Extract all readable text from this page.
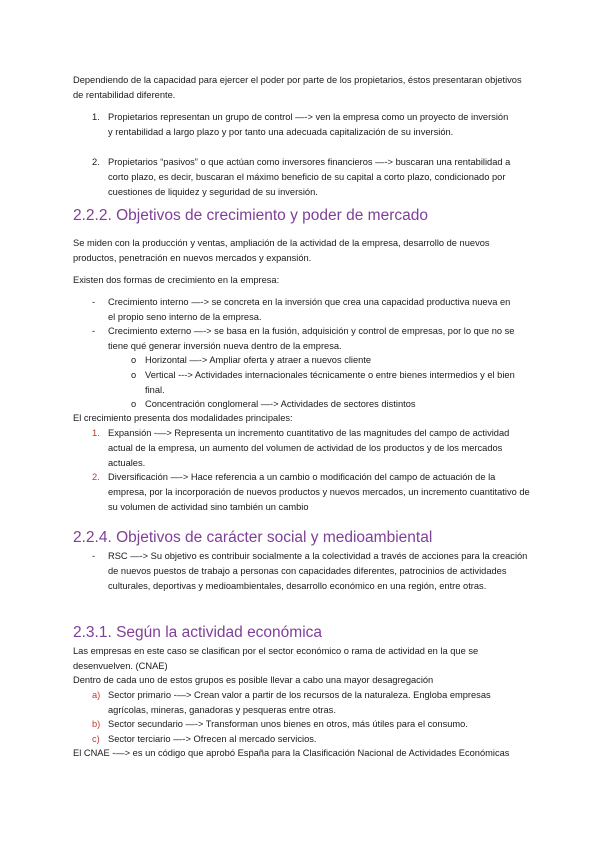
Dependiendo de la capacidad para ejercer el poder por parte de los propietarios, éstos presentaran objetivos de rentabilidad diferente.
1. Propietarios representan un grupo de control —-> ven la empresa como un proyecto de inversión y rentabilidad a largo plazo y por tanto una adecuada capitalización de su inversión.
2. Propietarios “pasivos” o que actúan como inversores financieros —-> buscaran una rentabilidad a corto plazo, es decir, buscaran el máximo beneficio de su capital a corto plazo, condicionado por cuestiones de liquidez y seguridad de su inversión.
2.2.2. Objetivos de crecimiento y poder de mercado
Se miden con la producción y ventas, ampliación de la actividad de la empresa, desarrollo de nuevos productos, penetración en nuevos mercados y expansión.
Existen dos formas de crecimiento en la empresa:
- Crecimiento interno —-> se concreta en la inversión que crea una capacidad productiva nueva en el propio seno interno de la empresa.
- Crecimiento externo —-> se basa en la fusión, adquisición y control de empresas, por lo que no se tiene qué generar inversión nueva dentro de la empresa.
o Horizontal —-> Ampliar oferta y atraer a nuevos cliente
o Vertical ---> Actividades internacionales técnicamente o entre bienes intermedios y el bien final.
o Concentración conglomeral —-> Actividades de sectores distintos
El crecimiento presenta dos modalidades principales:
1. Expansión -—> Representa un incremento cuantitativo de las magnitudes del campo de actividad actual de la empresa, un aumento del volumen de actividad de los productos y de los mercados actuales.
2. Diversificación —-> Hace referencia a un cambio o modificación del campo de actuación de la empresa, por la incorporación de nuevos productos y nuevos mercados, un incremento cuantitativo de su volumen de actividad sino también un cambio
2.2.4. Objetivos de carácter social y medioambiental
- RSC —-> Su objetivo es contribuir socialmente a la colectividad a través de acciones para la creación de nuevos puestos de trabajo a personas con capacidades diferentes, patrocinios de actividades culturales, deportivas y medioambientales, desarrollo económico en una región, entre otras.
2.3.1. Según la actividad económica
Las empresas en este caso se clasifican por el sector económico o rama de actividad en la que se desenvuelven. (CNAE)
Dentro de cada uno de estos grupos es posible llevar a cabo una mayor desagregación
a) Sector primario -—> Crean valor a partir de los recursos de la naturaleza. Engloba empresas agrícolas, mineras, ganadoras y pesqueras entre otras.
b) Sector secundario —-> Transforman unos bienes en otros, más útiles para el consumo.
c) Sector terciario —-> Ofrecen al mercado servicios.
El CNAE -—> es un código que aprobó España para la Clasificación Nacional de Actividades Económicas
